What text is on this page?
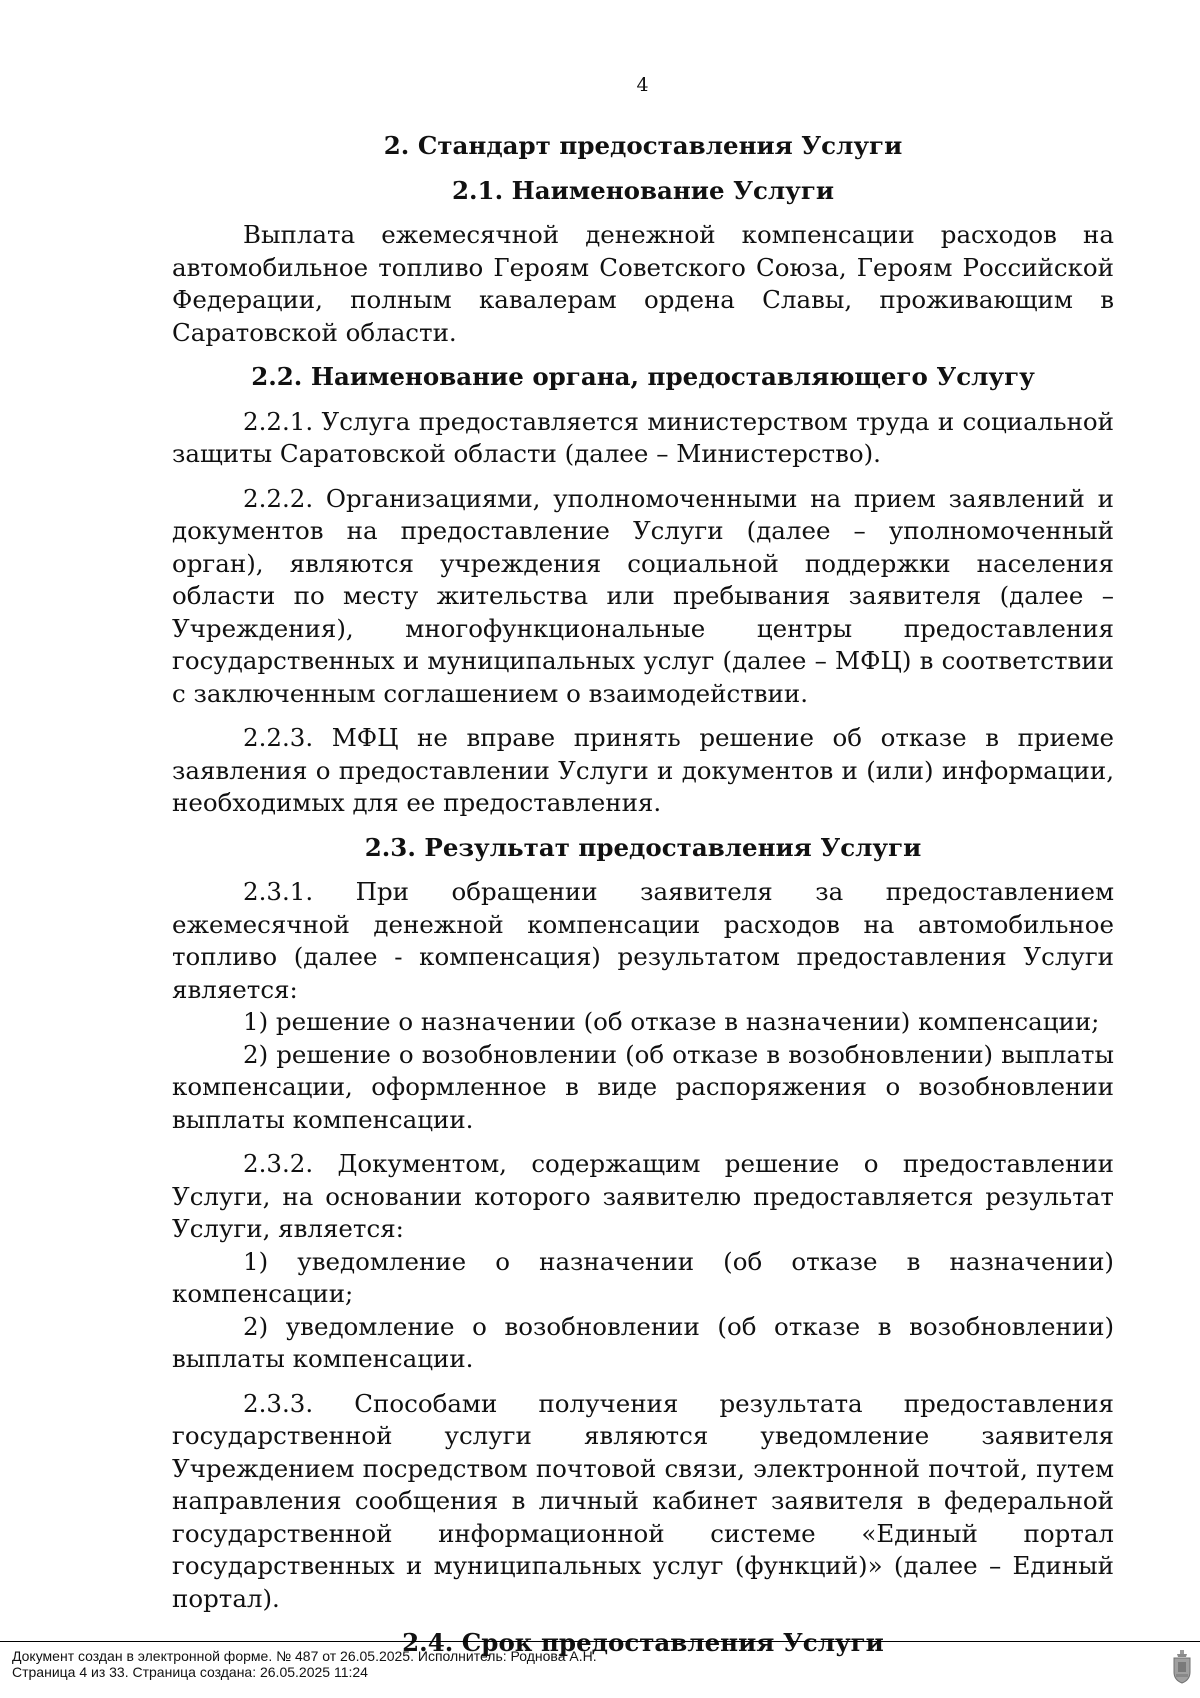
4
2. Стандарт предоставления Услуги
2.1. Наименование Услуги

Выплата ежемесячной денежной компенсации расходов на автомобильное топливо Героям Советского Союза, Героям Российской Федерации, полным кавалерам ордена Славы, проживающим в Саратовской области.

2.2. Наименование органа, предоставляющего Услугу

2.2.1. Услуга предоставляется министерством труда и социальной защиты Саратовской области (далее – Министерство).

2.2.2. Организациями, уполномоченными на прием заявлений и документов на предоставление Услуги (далее – уполномоченный орган), являются учреждения социальной поддержки населения области по месту жительства или пребывания заявителя (далее – Учреждения), многофункциональные центры предоставления государственных и муниципальных услуг (далее – МФЦ) в соответствии с заключенным соглашением о взаимодействии.

2.2.3. МФЦ не вправе принять решение об отказе в приеме заявления о предоставлении Услуги и документов и (или) информации, необходимых для ее предоставления.

2.3. Результат предоставления Услуги

2.3.1. При обращении заявителя за предоставлением ежемесячной денежной компенсации расходов на автомобильное топливо (далее - компенсация) результатом предоставления Услуги является:

1) решение о назначении (об отказе в назначении) компенсации;

2) решение о возобновлении (об отказе в возобновлении) выплаты компенсации, оформленное в виде распоряжения о возобновлении выплаты компенсации.

2.3.2. Документом, содержащим решение о предоставлении Услуги, на основании которого заявителю предоставляется результат Услуги, является:

1) уведомление о назначении (об отказе в назначении) компенсации;

2) уведомление о возобновлении (об отказе в возобновлении) выплаты компенсации.

2.3.3. Способами получения результата предоставления государственной услуги являются уведомление заявителя Учреждением посредством почтовой связи, электронной почтой, путем направления сообщения в личный кабинет заявителя в федеральной государственной информационной системе «Единый портал государственных и муниципальных услуг (функций)» (далее – Единый портал).

2.4. Срок предоставления Услуги
Документ создан в электронной форме. № 487 от 26.05.2025. Исполнитель: Роднова А.Н.
Страница 4 из 33. Страница создана: 26.05.2025 11:24
